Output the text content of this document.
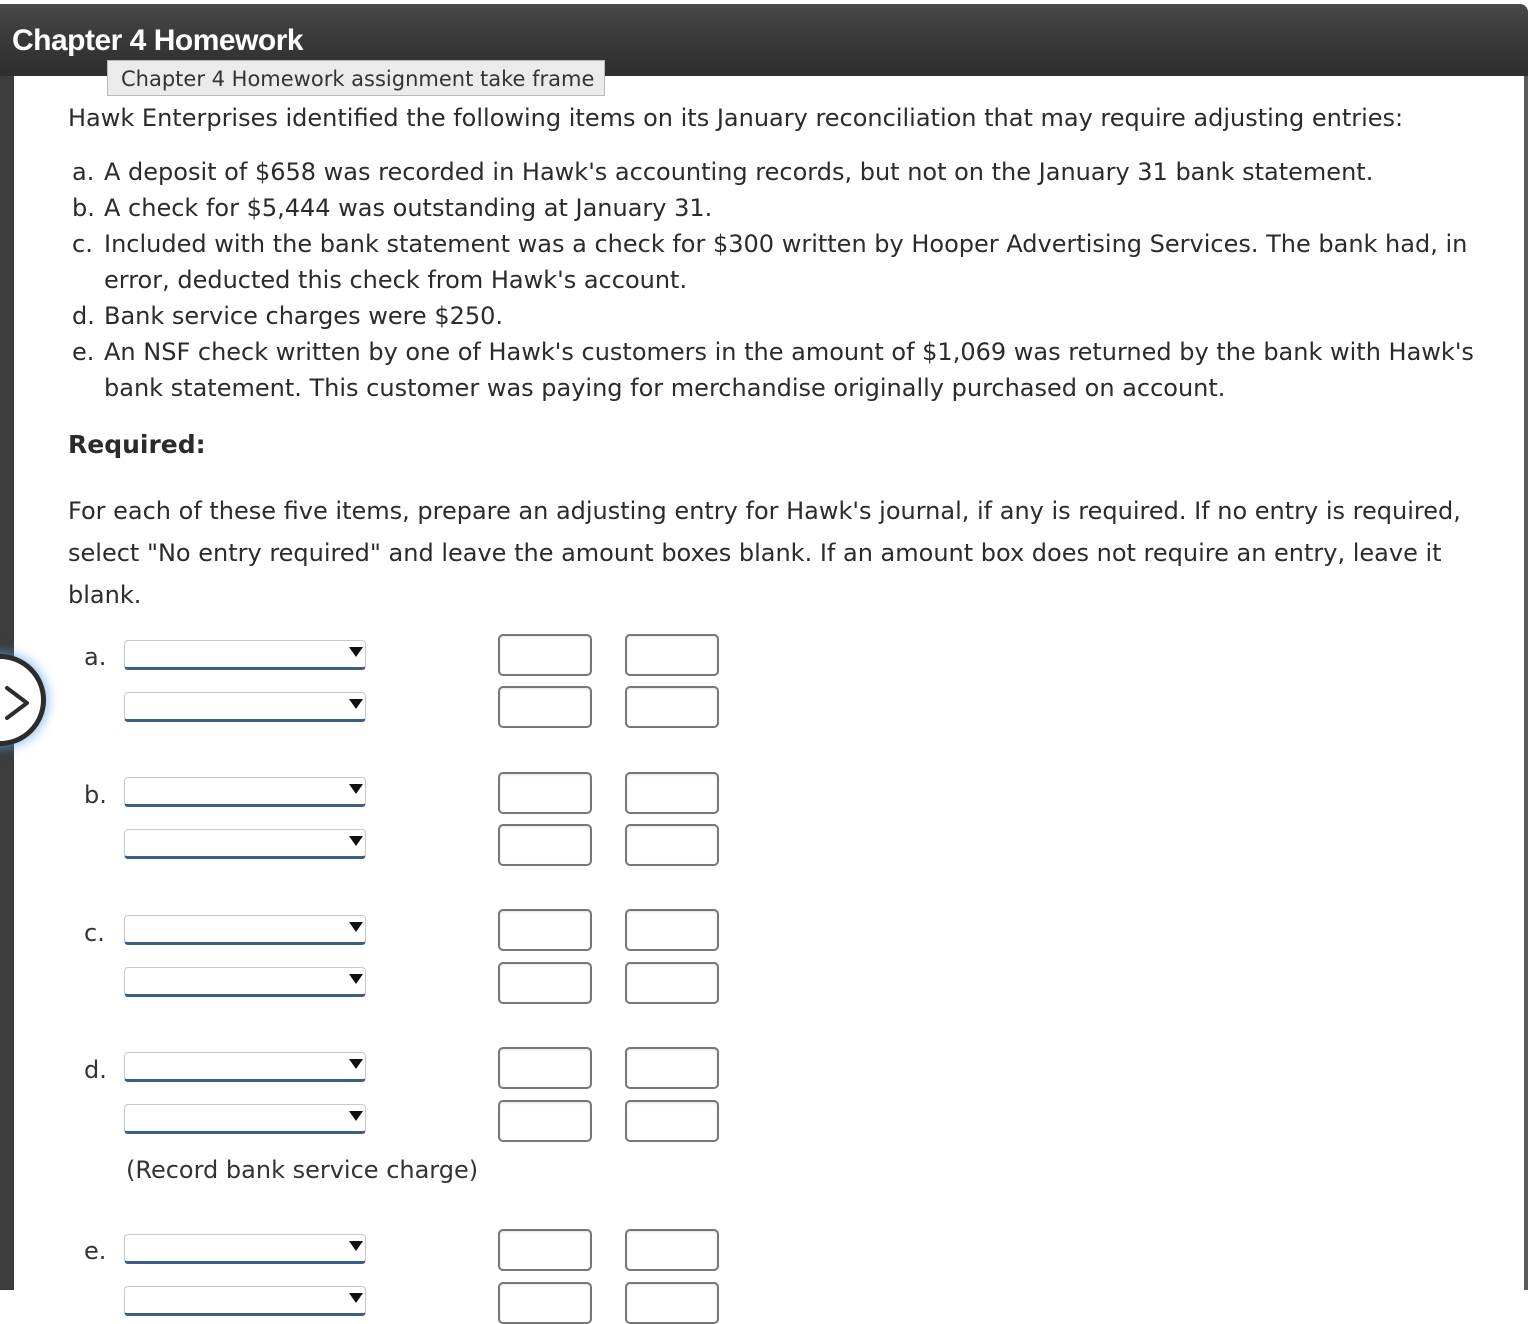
Chapter 4 Homework
Chapter 4 Homework assignment take frame

Hawk Enterprises identified the following items on its January reconciliation that may require adjusting entries:

a. A deposit of $658 was recorded in Hawk's accounting records, but not on the January 31 bank statement.
b. A check for $5,444 was outstanding at January 31.
c. Included with the bank statement was a check for $300 written by Hooper Advertising Services. The bank had, in error, deducted this check from Hawk's account.
d. Bank service charges were $250.
e. An NSF check written by one of Hawk's customers in the amount of $1,069 was returned by the bank with Hawk's bank statement. This customer was paying for merchandise originally purchased on account.
Required:

For each of these five items, prepare an adjusting entry for Hawk's journal, if any is required. If no entry is required, select "No entry required" and leave the amount boxes blank. If an amount box does not require an entry, leave it blank.

a.
b.
c.
d.
(Record bank service charge)
e.
